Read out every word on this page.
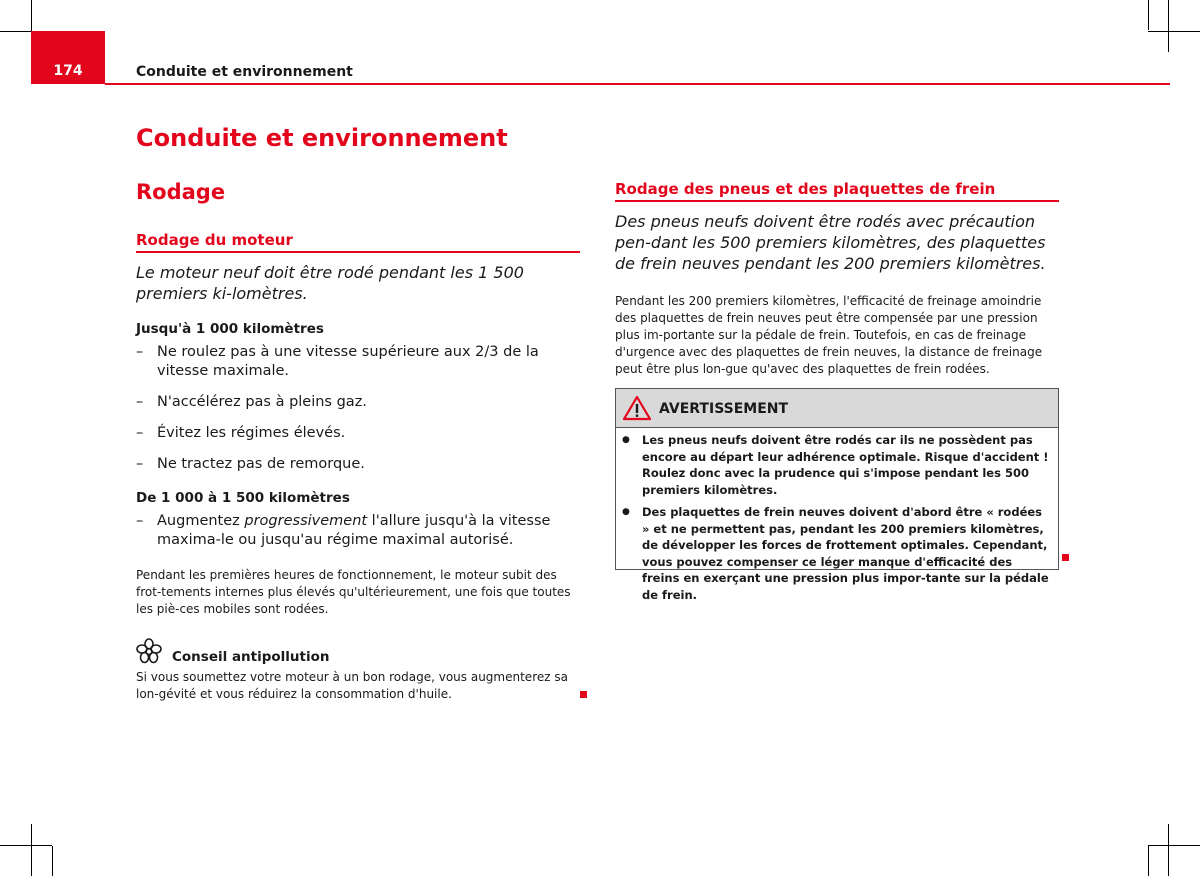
174	Conduite et environnement
Conduite et environnement
Rodage
Rodage du moteur

Le moteur neuf doit être rodé pendant les 1 500 premiers ki-lomètres.

Jusqu'à 1 000 kilomètres

– Ne roulez pas à une vitesse supérieure aux 2/3 de la vitesse maximale.

– N'accélérez pas à pleins gaz.

– Évitez les régimes élevés.

– Ne tractez pas de remorque.

De 1 000 à 1 500 kilomètres

– Augmentez progressivement l'allure jusqu'à la vitesse maxima-le ou jusqu'au régime maximal autorisé.

Pendant les premières heures de fonctionnement, le moteur subit des frot-tements internes plus élevés qu'ultérieurement, une fois que toutes les piè-ces mobiles sont rodées.

Conseil antipollution

Si vous soumettez votre moteur à un bon rodage, vous augmenterez sa lon-gévité et vous réduirez la consommation d'huile.

Rodage des pneus et des plaquettes de frein

Des pneus neufs doivent être rodés avec précaution pen-dant les 500 premiers kilomètres, des plaquettes de frein neuves pendant les 200 premiers kilomètres.

Pendant les 200 premiers kilomètres, l'efficacité de freinage amoindrie des plaquettes de frein neuves peut être compensée par une pression plus im-portante sur la pédale de frein. Toutefois, en cas de freinage d'urgence avec des plaquettes de frein neuves, la distance de freinage peut être plus lon-gue qu'avec des plaquettes de frein rodées.

AVERTISSEMENT

● Les pneus neufs doivent être rodés car ils ne possèdent pas encore au départ leur adhérence optimale. Risque d'accident ! Roulez donc avec la prudence qui s'impose pendant les 500 premiers kilomètres.

● Des plaquettes de frein neuves doivent d'abord être « rodées » et ne permettent pas, pendant les 200 premiers kilomètres, de développer les forces de frottement optimales. Cependant, vous pouvez compenser ce léger manque d'efficacité des freins en exerçant une pression plus impor-tante sur la pédale de frein.
